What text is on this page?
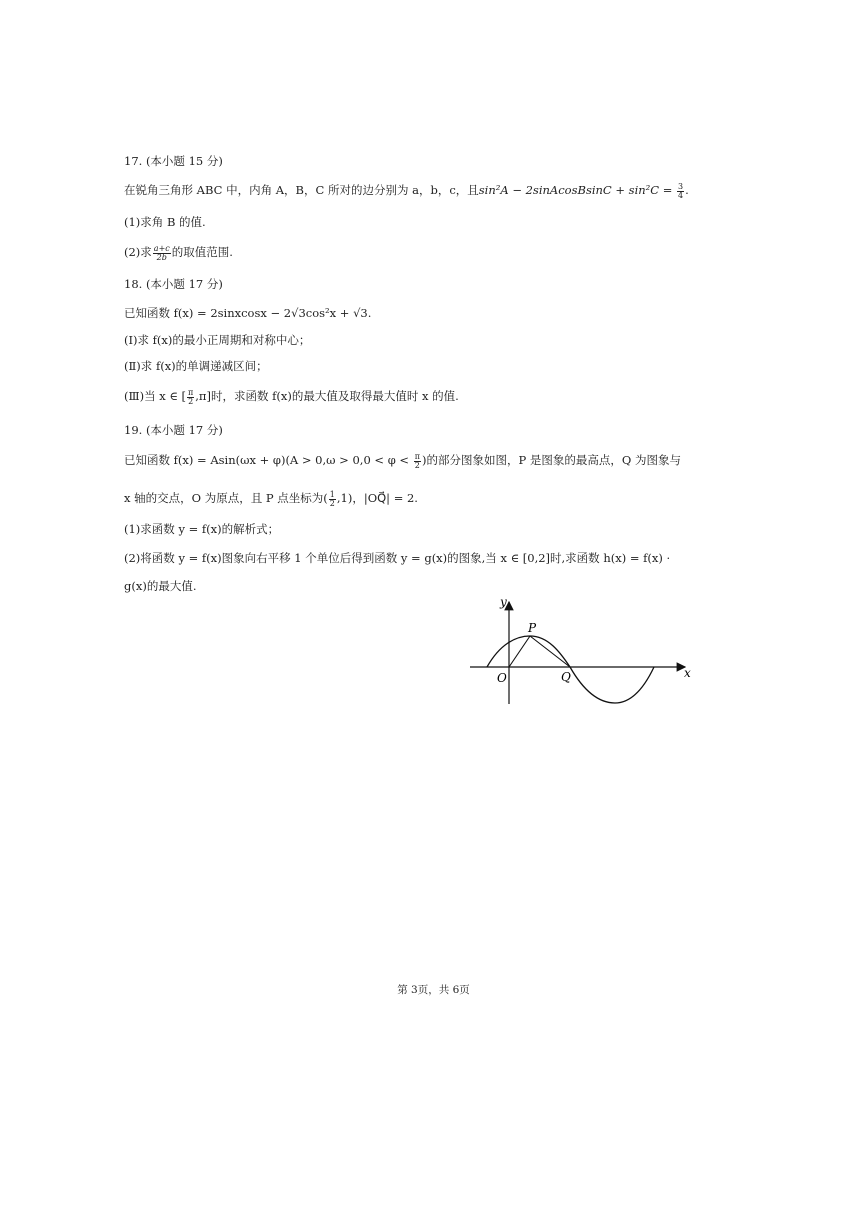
17. (本小题 15 分)
在锐角三角形 ABC 中，内角 A，B，C 所对的边分别为 a，b，c，且sin²A − 2sinAcosBsinC + $\sin^2C = \frac{3}{4}$ .
(1)求角 B 的值.
(2)求 $\frac{a+c}{2b}$ 的取值范围.
18. (本小题 17 分)
已知函数 f(x) = 2sinxcosx − 2√3cos²x + √3.
(Ⅰ)求 f(x)的最小正周期和对称中心；
(Ⅱ)求 f(x)的单调递减区间；
(Ⅲ)当 x ∈ [ $\frac{\pi}{2} ,\pi$]时，求函数 f(x)的最大值及取得最大值时 x 的值.
19. (本小题 17 分)
已知函数 $f(x) = Asin(\omega x + \varphi)(A > 0,\omega > 0,0 < \varphi < \frac{\pi}{2}$ )的部分图象如图，P 是图象的最高点，Q 为图象与
x 轴的交点，O 为原点，且 P 点坐标为( $\frac{1}{2} ,1$)，|OQ⃗| = 2.
(1)求函数 y = f(x)的解析式；
(2)将函数 y = f(x)图象向右平移 1 个单位后得到函数 y = g(x)的图象,当 x ∈ [0,2]时,求函数 h(x) = f(x) ·
g(x)的最大值.
y
x
O
P
Q
第 3页，共 6页
